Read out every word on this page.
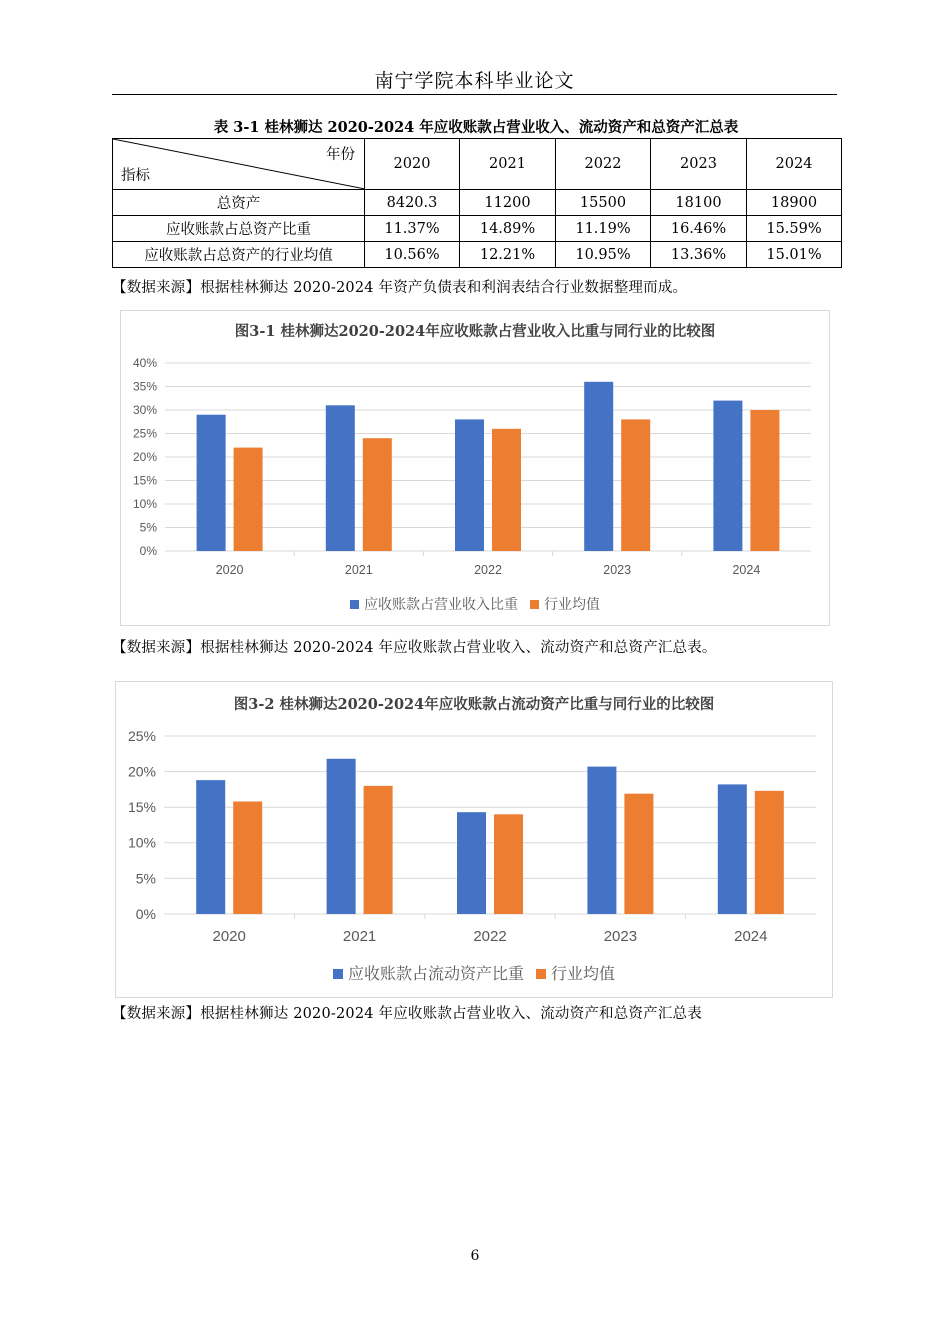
南宁学院本科毕业论文
表 3-1 桂林狮达 2020-2024 年应收账款占营业收入、流动资产和总资产汇总表
年份
指标	2020	2021	2022	2023	2024
总资产	8420.3	11200	15500	18100	18900
应收账款占总资产比重	11.37%	14.89%	11.19%	16.46%	15.59%
应收账款占总资产的行业均值	10.56%	12.21%	10.95%	13.36%	15.01%
【数据来源】根据桂林狮达 2020-2024 年资产负债表和利润表结合行业数据整理而成。
图3-1 桂林狮达2020-2024年应收账款占营业收入比重与同行业的比较图
0%
5%
10%
15%
20%
25%
30%
35%
40%
2020	2021	2022	2023	2024
应收账款占营业收入比重 行业均值
【数据来源】根据桂林狮达 2020-2024 年应收账款占营业收入、流动资产和总资产汇总表。
图3-2 桂林狮达2020-2024年应收账款占流动资产比重与同行业的比较图
0%
5%
10%
15%
20%
25%
2020	2021	2022	2023	2024
应收账款占流动资产比重 行业均值
【数据来源】根据桂林狮达 2020-2024 年应收账款占营业收入、流动资产和总资产汇总表
6
